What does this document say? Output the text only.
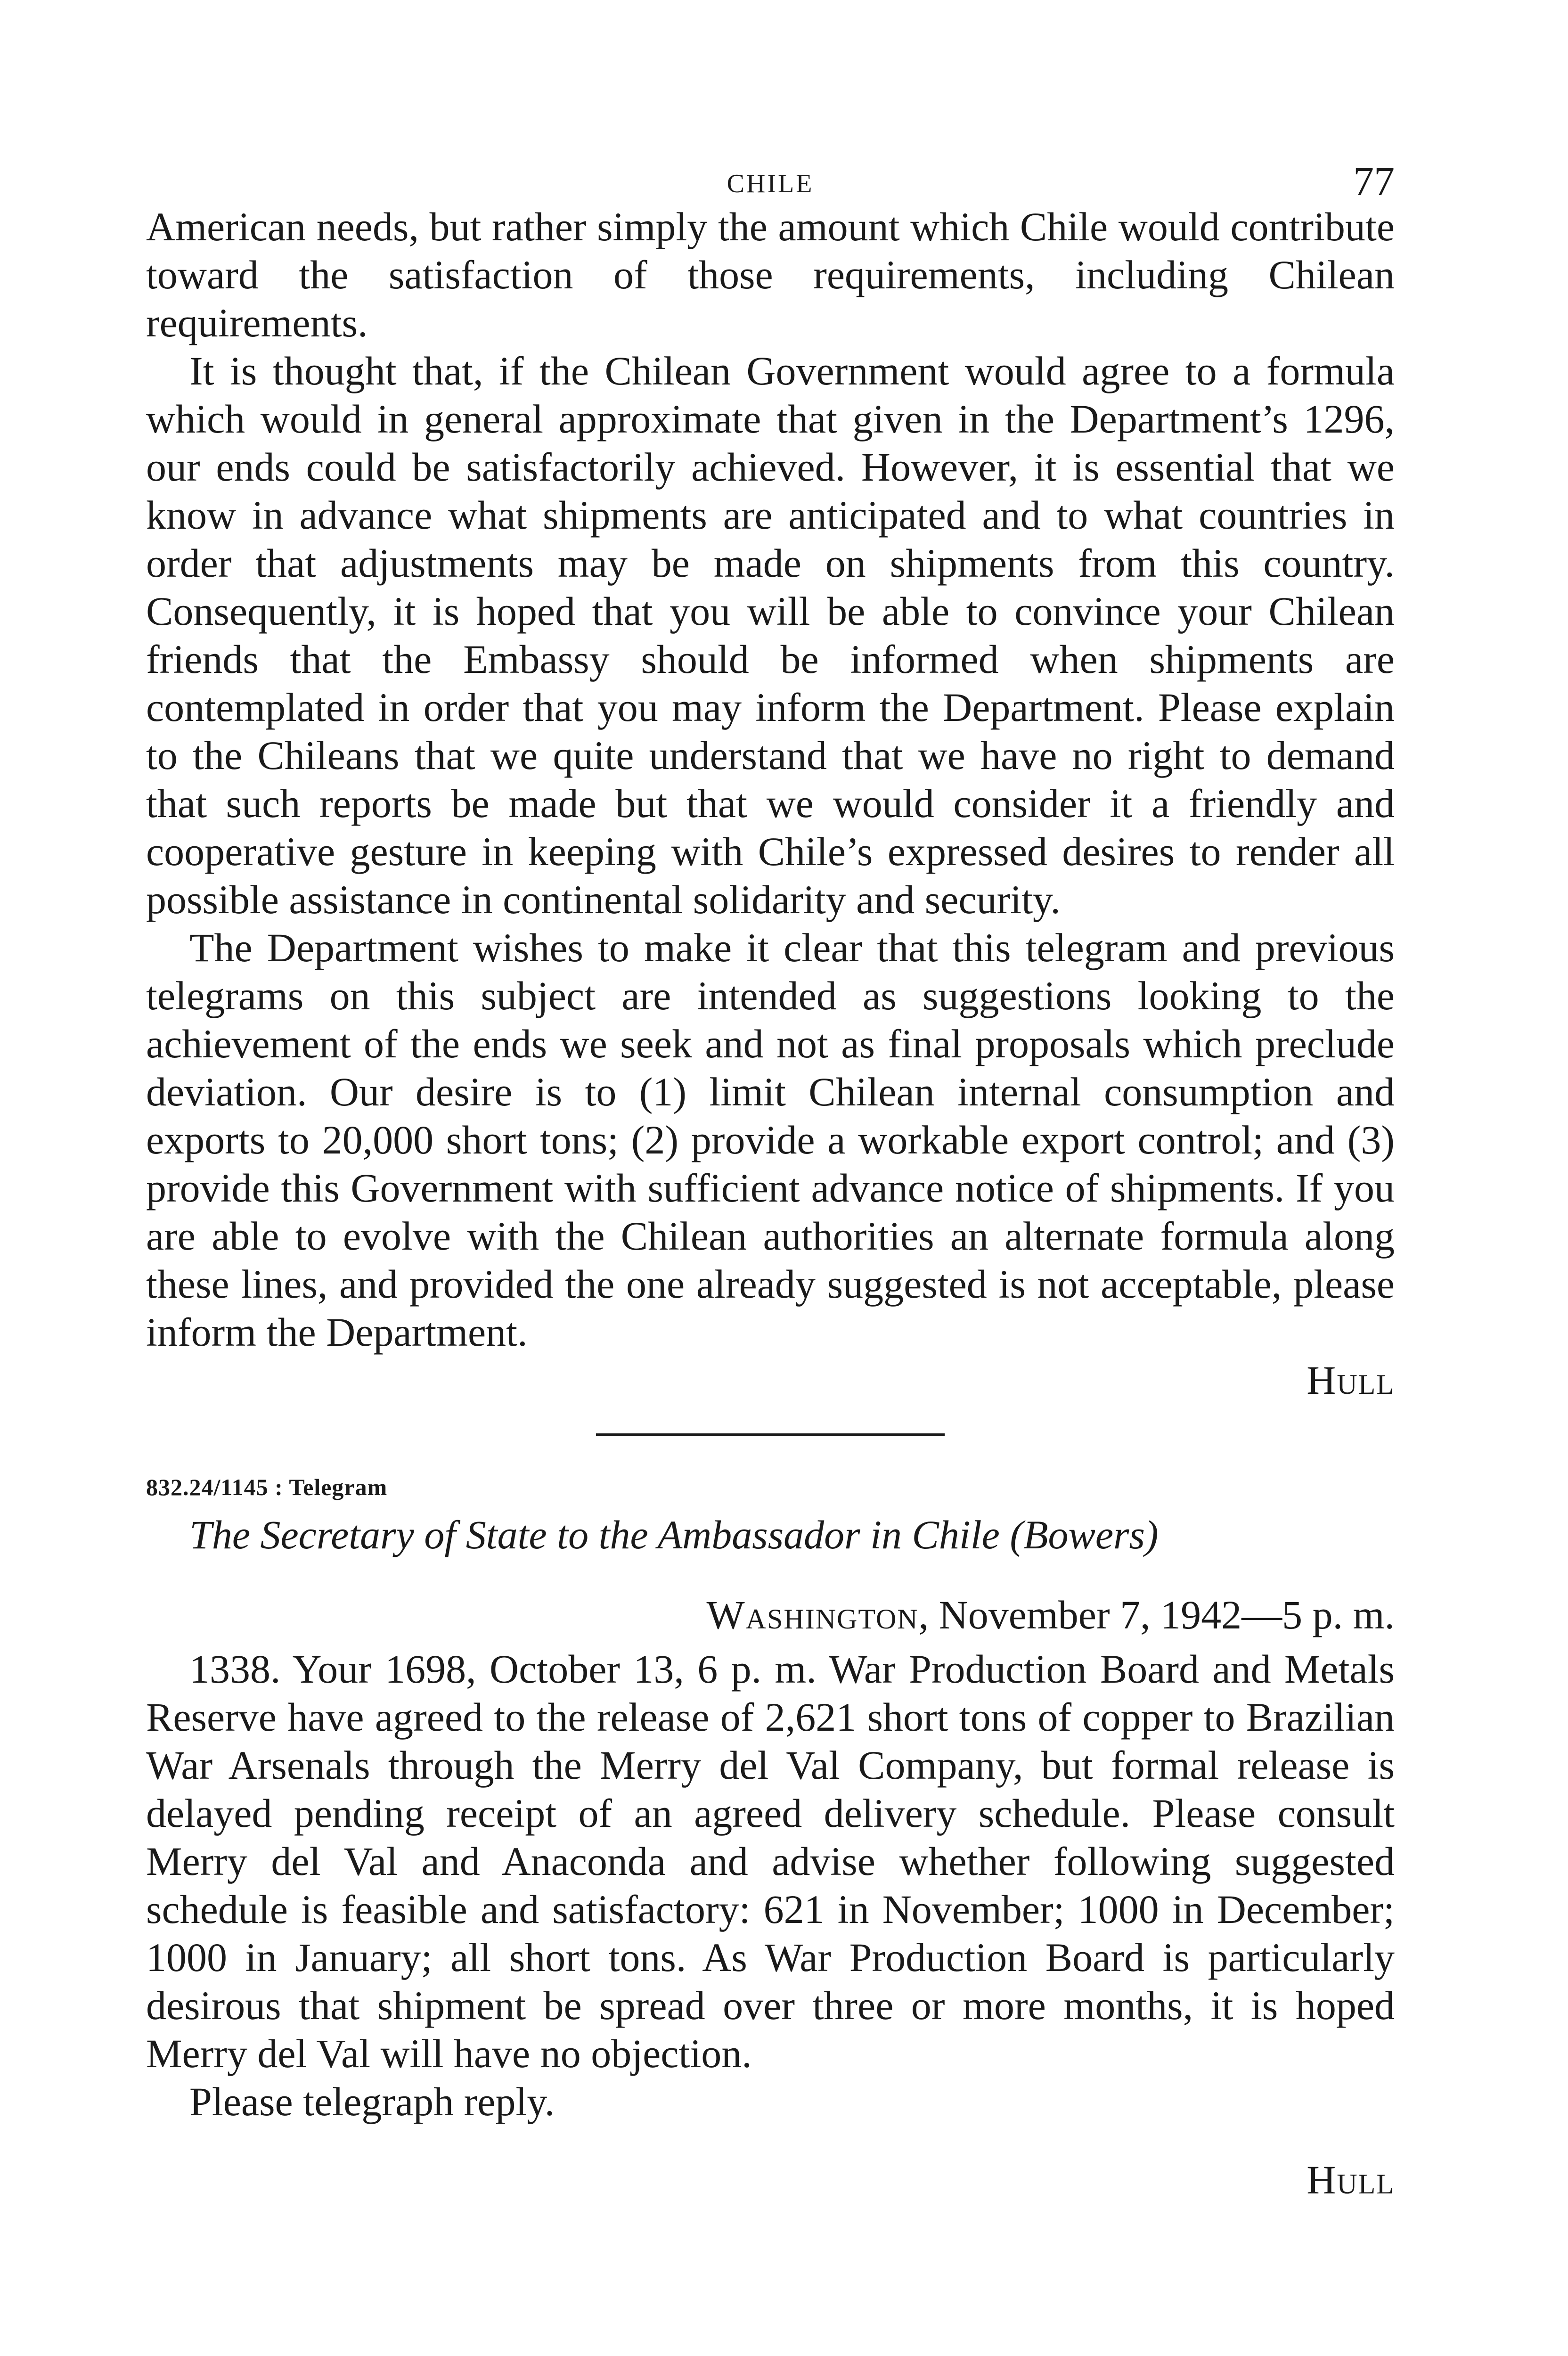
CHILE	77

American needs, but rather simply the amount which Chile would contribute toward the satisfaction of those requirements, including Chilean requirements.

It is thought that, if the Chilean Government would agree to a formula which would in general approximate that given in the Department’s 1296, our ends could be satisfactorily achieved. However, it is essential that we know in advance what shipments are anticipated and to what countries in order that adjustments may be made on shipments from this country. Consequently, it is hoped that you will be able to convince your Chilean friends that the Embassy should be informed when shipments are contemplated in order that you may inform the Department. Please explain to the Chileans that we quite understand that we have no right to demand that such reports be made but that we would consider it a friendly and cooperative gesture in keeping with Chile’s expressed desires to render all possible assistance in continental solidarity and security.

The Department wishes to make it clear that this telegram and previous telegrams on this subject are intended as suggestions looking to the achievement of the ends we seek and not as final proposals which preclude deviation. Our desire is to (1) limit Chilean internal consumption and exports to 20,000 short tons; (2) provide a workable export control; and (3) provide this Government with sufficient advance notice of shipments. If you are able to evolve with the Chilean authorities an alternate formula along these lines, and provided the one already suggested is not acceptable, please inform the Department.

Hull

832.24/1145 : Telegram

The Secretary of State to the Ambassador in Chile (Bowers)

Washington, November 7, 1942—5 p. m.

1338. Your 1698, October 13, 6 p. m. War Production Board and Metals Reserve have agreed to the release of 2,621 short tons of copper to Brazilian War Arsenals through the Merry del Val Company, but formal release is delayed pending receipt of an agreed delivery schedule. Please consult Merry del Val and Anaconda and advise whether following suggested schedule is feasible and satisfactory: 621 in November; 1000 in December; 1000 in January; all short tons. As War Production Board is particularly desirous that shipment be spread over three or more months, it is hoped Merry del Val will have no objection.

Please telegraph reply.

Hull
